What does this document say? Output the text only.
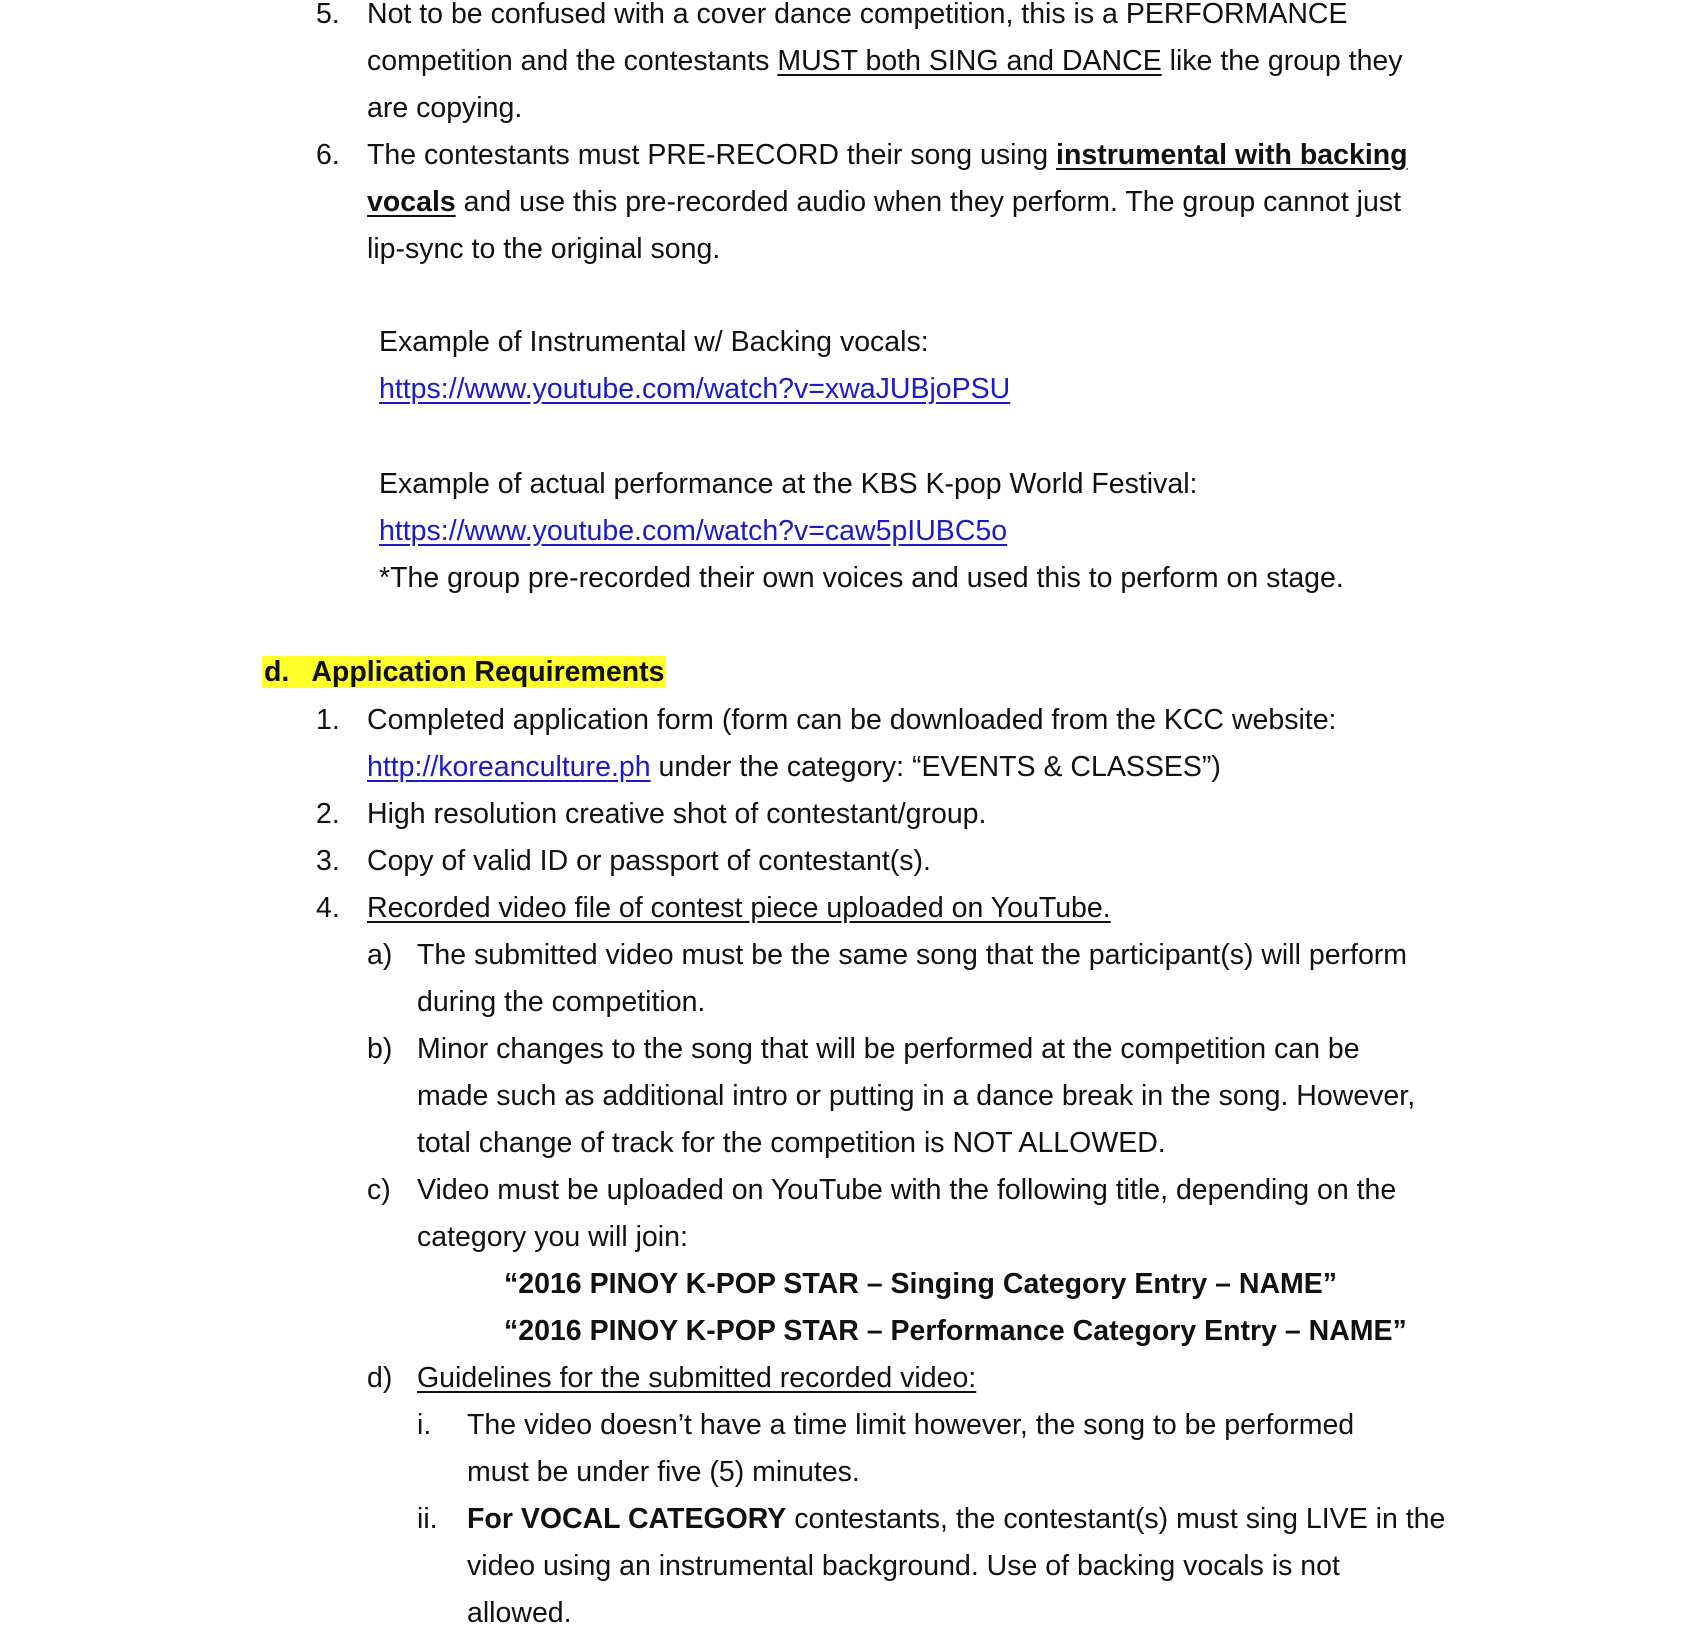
5. Not to be confused with a cover dance competition, this is a PERFORMANCE

competition and the contestants MUST both SING and DANCE like the group they

are copying.

6. The contestants must PRE-RECORD their song using instrumental with backing

vocals and use this pre-recorded audio when they perform. The group cannot just

lip-sync to the original song.

Example of Instrumental w/ Backing vocals:

https://www.youtube.com/watch?v=xwaJUBjoPSU

Example of actual performance at the KBS K-pop World Festival:

https://www.youtube.com/watch?v=caw5pIUBC5o

*The group pre-recorded their own voices and used this to perform on stage.

d. Application Requirements

1. Completed application form (form can be downloaded from the KCC website:

http://koreanculture.ph under the category: “EVENTS & CLASSES”)

2. High resolution creative shot of contestant/group.

3. Copy of valid ID or passport of contestant(s).

4. Recorded video file of contest piece uploaded on YouTube.

a) The submitted video must be the same song that the participant(s) will perform

during the competition.

b) Minor changes to the song that will be performed at the competition can be

made such as additional intro or putting in a dance break in the song. However,

total change of track for the competition is NOT ALLOWED.

c) Video must be uploaded on YouTube with the following title, depending on the

category you will join:

“2016 PINOY K-POP STAR – Singing Category Entry – NAME”

“2016 PINOY K-POP STAR – Performance Category Entry – NAME”

d) Guidelines for the submitted recorded video:

i. The video doesn’t have a time limit however, the song to be performed

must be under five (5) minutes.

ii. For VOCAL CATEGORY contestants, the contestant(s) must sing LIVE in the

video using an instrumental background. Use of backing vocals is not

allowed.
